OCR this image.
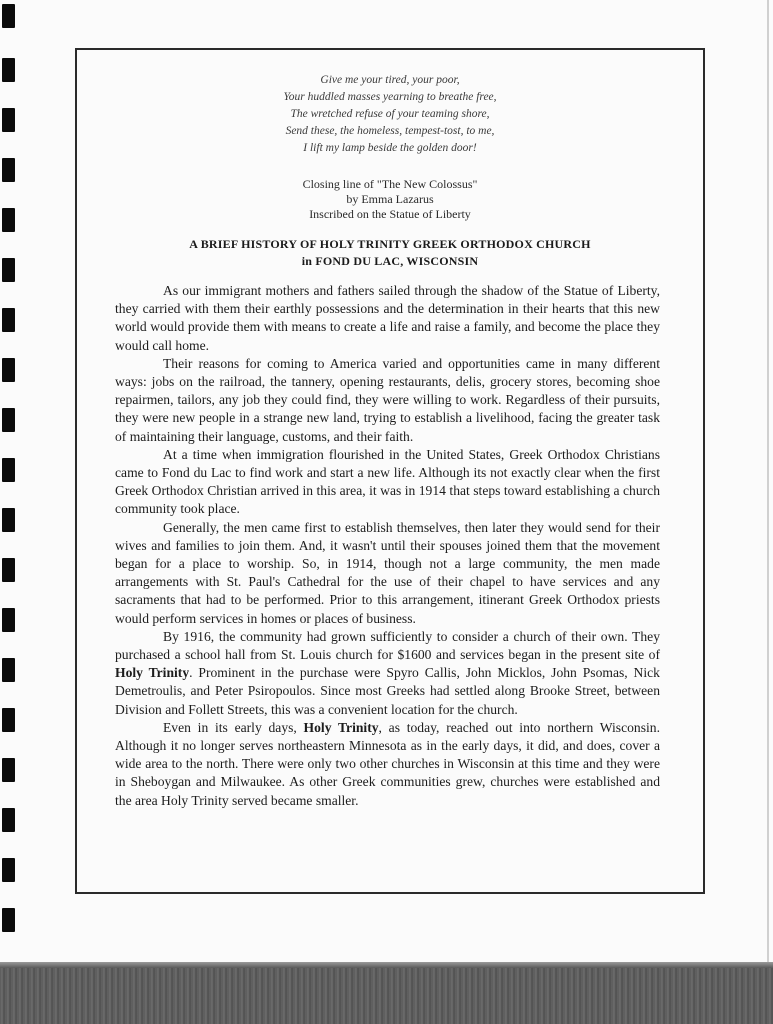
Give me your tired, your poor,
Your huddled masses yearning to breathe free,
The wretched refuse of your teaming shore,
Send these, the homeless, tempest-tost, to me,
I lift my lamp beside the golden door!
Closing line of "The New Colossus"
by Emma Lazarus
Inscribed on the Statue of Liberty
A BRIEF HISTORY OF HOLY TRINITY GREEK ORTHODOX CHURCH
in FOND DU LAC, WISCONSIN

As our immigrant mothers and fathers sailed through the shadow of the Statue of Liberty, they carried with them their earthly possessions and the determination in their hearts that this new world would provide them with means to create a life and raise a family, and become the place they would call home.

Their reasons for coming to America varied and opportunities came in many different ways: jobs on the railroad, the tannery, opening restaurants, delis, grocery stores, becoming shoe repairmen, tailors, any job they could find, they were willing to work. Regardless of their pursuits, they were new people in a strange new land, trying to establish a livelihood, facing the greater task of maintaining their language, customs, and their faith.

At a time when immigration flourished in the United States, Greek Orthodox Christians came to Fond du Lac to find work and start a new life. Although its not exactly clear when the first Greek Orthodox Christian arrived in this area, it was in 1914 that steps toward establishing a church community took place.

Generally, the men came first to establish themselves, then later they would send for their wives and families to join them. And, it wasn't until their spouses joined them that the movement began for a place to worship. So, in 1914, though not a large community, the men made arrangements with St. Paul's Cathedral for the use of their chapel to have services and any sacraments that had to be performed. Prior to this arrangement, itinerant Greek Orthodox priests would perform services in homes or places of business.

By 1916, the community had grown sufficiently to consider a church of their own. They purchased a school hall from St. Louis church for $1600 and services began in the present site of Holy Trinity. Prominent in the purchase were Spyro Callis, John Micklos, John Psomas, Nick Demetroulis, and Peter Psiropoulos. Since most Greeks had settled along Brooke Street, between Division and Follett Streets, this was a convenient location for the church.

Even in its early days, Holy Trinity, as today, reached out into northern Wisconsin. Although it no longer serves northeastern Minnesota as in the early days, it did, and does, cover a wide area to the north. There were only two other churches in Wisconsin at this time and they were in Sheboygan and Milwaukee. As other Greek communities grew, churches were established and the area Holy Trinity served became smaller.
